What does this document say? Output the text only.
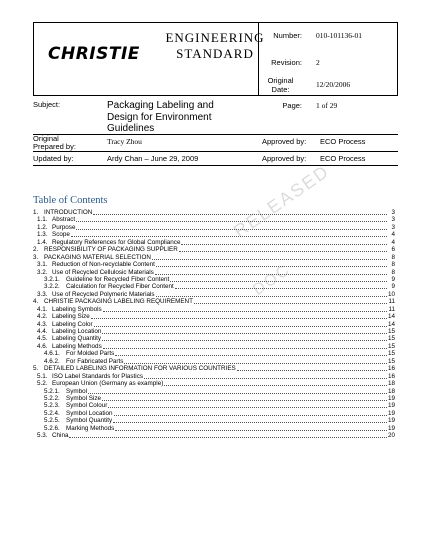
CHRISTIE
ENGINEERING
STANDARD
Number: 010-101136-01
Revision: 2
Original
Date:
12/20/2006
Subject:	Packaging Labeling and Design for Environment Guidelines
Page: 1 of 29
Original
Prepared by:
Tracy Zhou	Approved by: ECO Process
Updated by:	Ardy Chan – June 29, 2009	Approved by: ECO Process
RELEASED
DOC
Table of Contents
1. INTRODUCTION	3
1.1. Abstract	3
1.2. Purpose	3
1.3. Scope	4
1.4. Regulatory References for Global Compliance	4
2. RESPONSIBILITY OF PACKAGING SUPPLIER	6
3. PACKAGING MATERIAL SELECTION	8
3.1. Reduction of Non-recyclable Content	8
3.2. Use of Recycled Cellulosic Materials	8
3.2.1. Guideline for Recycled Fiber Content	9
3.2.2. Calculation for Recycled Fiber Content	9
3.3. Use of Recycled Polymeric Materials	10
4. CHRISTIE PACKAGING LABELING REQUIREMENT	11
4.1. Labeling Symbols	11
4.2. Labeling Size	14
4.3. Labeling Color	14
4.4. Labeling Location	15
4.5. Labeling Quantity	15
4.6. Labeling Methods	15
4.6.1. For Molded Parts	15
4.6.2. For Fabricated Parts	15
5. DETAILED LABELING INFORMATION FOR VARIOUS COUNTRIES	16
5.1. ISO Label Standards for Plastics	16
5.2. European Union (Germany as example)	18
5.2.1. Symbol	18
5.2.2. Symbol Size	19
5.2.3. Symbol Colour	19
5.2.4. Symbol Location	19
5.2.5. Symbol Quantity	19
5.2.6. Marking Methods	19
5.3. China	20
